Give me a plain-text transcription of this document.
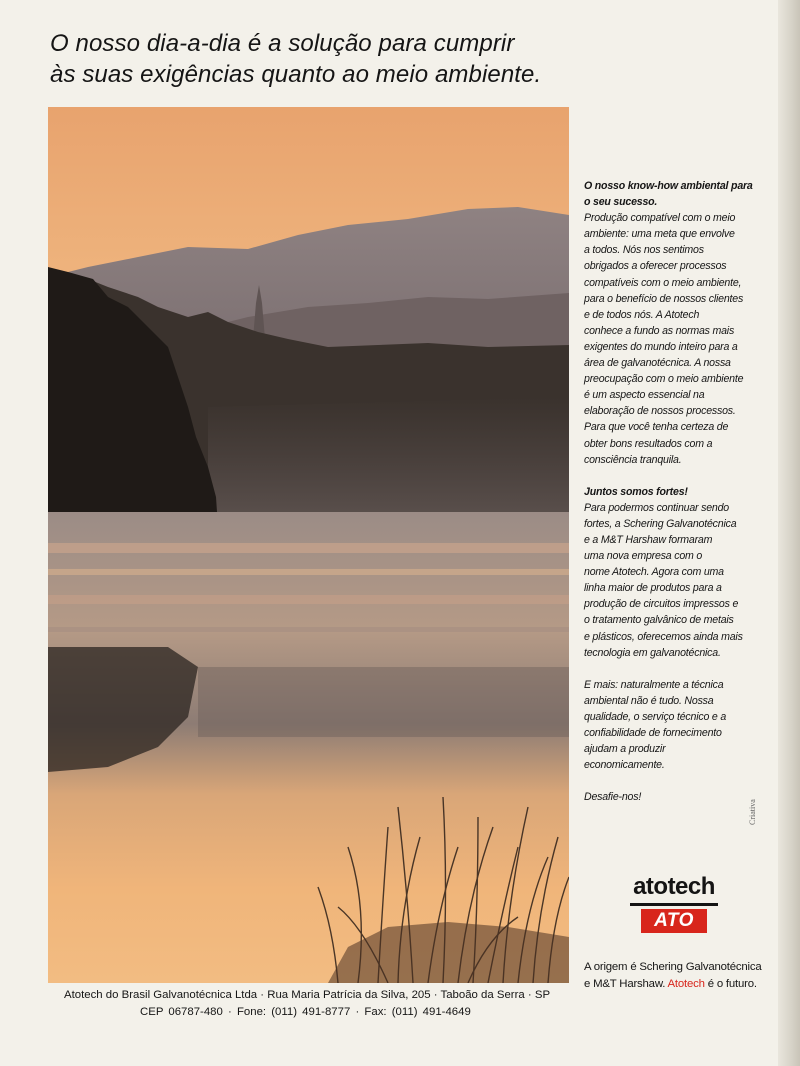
O nosso dia-a-dia é a solução para cumprir
às suas exigências quanto ao meio ambiente.

O nosso know-how ambiental para

o seu sucesso.

Produção compatível com o meio

ambiente: uma meta que envolve

a todos. Nós nos sentimos

obrigados a oferecer processos

compatíveis com o meio ambiente,

para o benefício de nossos clientes

e de todos nós. A Atotech

conhece a fundo as normas mais

exigentes do mundo inteiro para a

área de galvanotécnica. A nossa

preocupação com o meio ambiente

é um aspecto essencial na

elaboração de nossos processos.

Para que você tenha certeza de

obter bons resultados com a

consciência tranquila.

Juntos somos fortes!

Para podermos continuar sendo

fortes, a Schering Galvanotécnica

e a M&T Harshaw formaram

uma nova empresa com o

nome Atotech. Agora com uma

linha maior de produtos para a

produção de circuitos impressos e

o tratamento galvânico de metais

e plásticos, oferecemos ainda mais

tecnologia em galvanotécnica.

E mais: naturalmente a técnica

ambiental não é tudo. Nossa

qualidade, o serviço técnico e a

confiabilidade de fornecimento

ajudam a produzir

economicamente.

Desafie-nos!

Criativa
atotech
ATO
A origem é Schering Galvanotécnica
e M&T Harshaw. Atotech é o futuro.
Atotech do Brasil Galvanotécnica Ltda · Rua Maria Patrícia da Silva, 205 · Taboão da Serra · SP
CEP 06787-480 · Fone: (011) 491-8777 · Fax: (011) 491-4649
